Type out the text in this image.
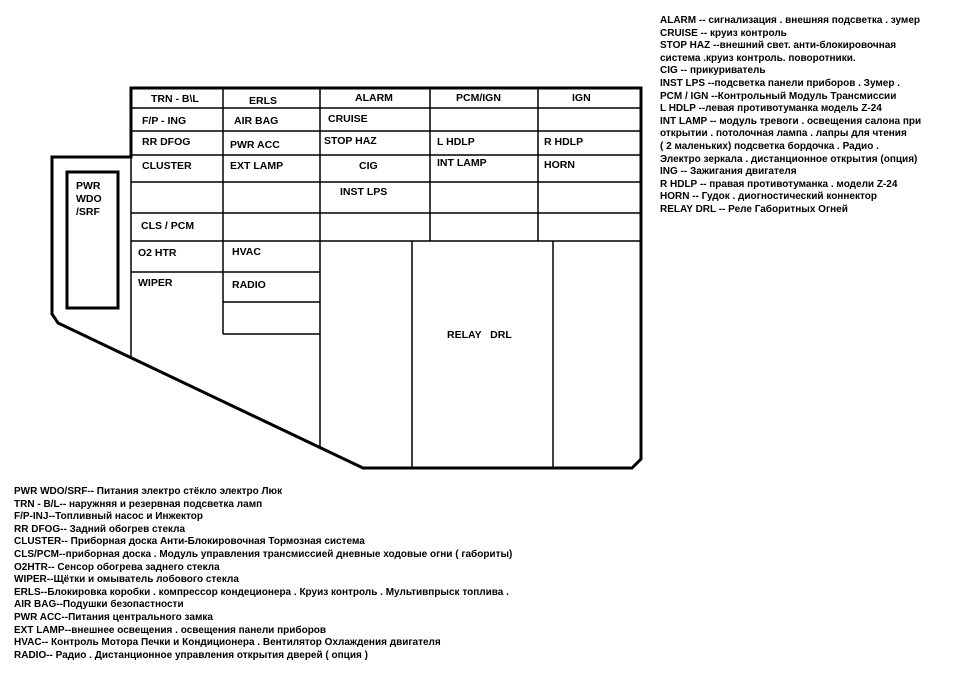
PWR
WDO
/SRF
TRN - B\L	ERLS	ALARM	PCM/IGN	IGN
F/P - ING	AIR BAG	CRUISE
RR DFOG	PWR ACC	STOP HAZ	L HDLP	R HDLP
CLUSTER	EXT LAMP	CIG	INT LAMP	HORN
INST LPS
CLS / PCM
O2 HTR	HVAC
WIPER	RADIO
RELAY   DRL
ALARM -- сигнализация . внешняя подсветка . зумер
CRUISE -- круиз контроль
STOP HAZ --внешний свет. анти-блокировочная
система .круиз контроль. поворотники.
CIG -- прикуриватель
INST LPS --подсветка панели приборов . Зумер .
PCM / IGN --Контрольный Модуль Трансмиссии
L HDLP --левая противотуманка модель Z-24
INT LAMP -- модуль тревоги . освещения салона при
открытии . потолочная лампа . лапры для чтения
( 2 маленьких) подсветка бордочка . Радио .
Электро зеркала . дистанционное открытия (опция)
ING -- Зажигания двигателя
R HDLP -- правая противотуманка . модели Z-24
HORN -- Гудок . диогностический коннектор
RELAY DRL -- Реле Габоритных Огней
PWR WDO/SRF-- Питания электро стёкло электро Люк
TRN - B/L-- наружняя и резервная подсветка ламп
F/P-INJ--Топливный насос и Инжектор
RR DFOG-- Задний обогрев стекла
CLUSTER-- Приборная доска Анти-Блокировочная Тормозная система
CLS/PCM--приборная доска . Модуль управления трансмиссией дневные ходовые огни ( габориты)
O2HTR-- Сенсор обогрева заднего стекла
WIPER--Щётки и омыватель лобового стекла
ERLS--Блокировка коробки . компрессор кондеционера . Круиз контроль . Мультивпрыск топлива .
AIR BAG--Подушки безопастности
PWR ACC--Питания центрального замка
EXT LAMP--внешнее освещения . освещения панели приборов
HVAC-- Контроль Мотора Печки и Кондиционера . Вентилятор Охлаждения двигателя
RADIO-- Радио . Дистанционное управления открытия дверей ( опция )
